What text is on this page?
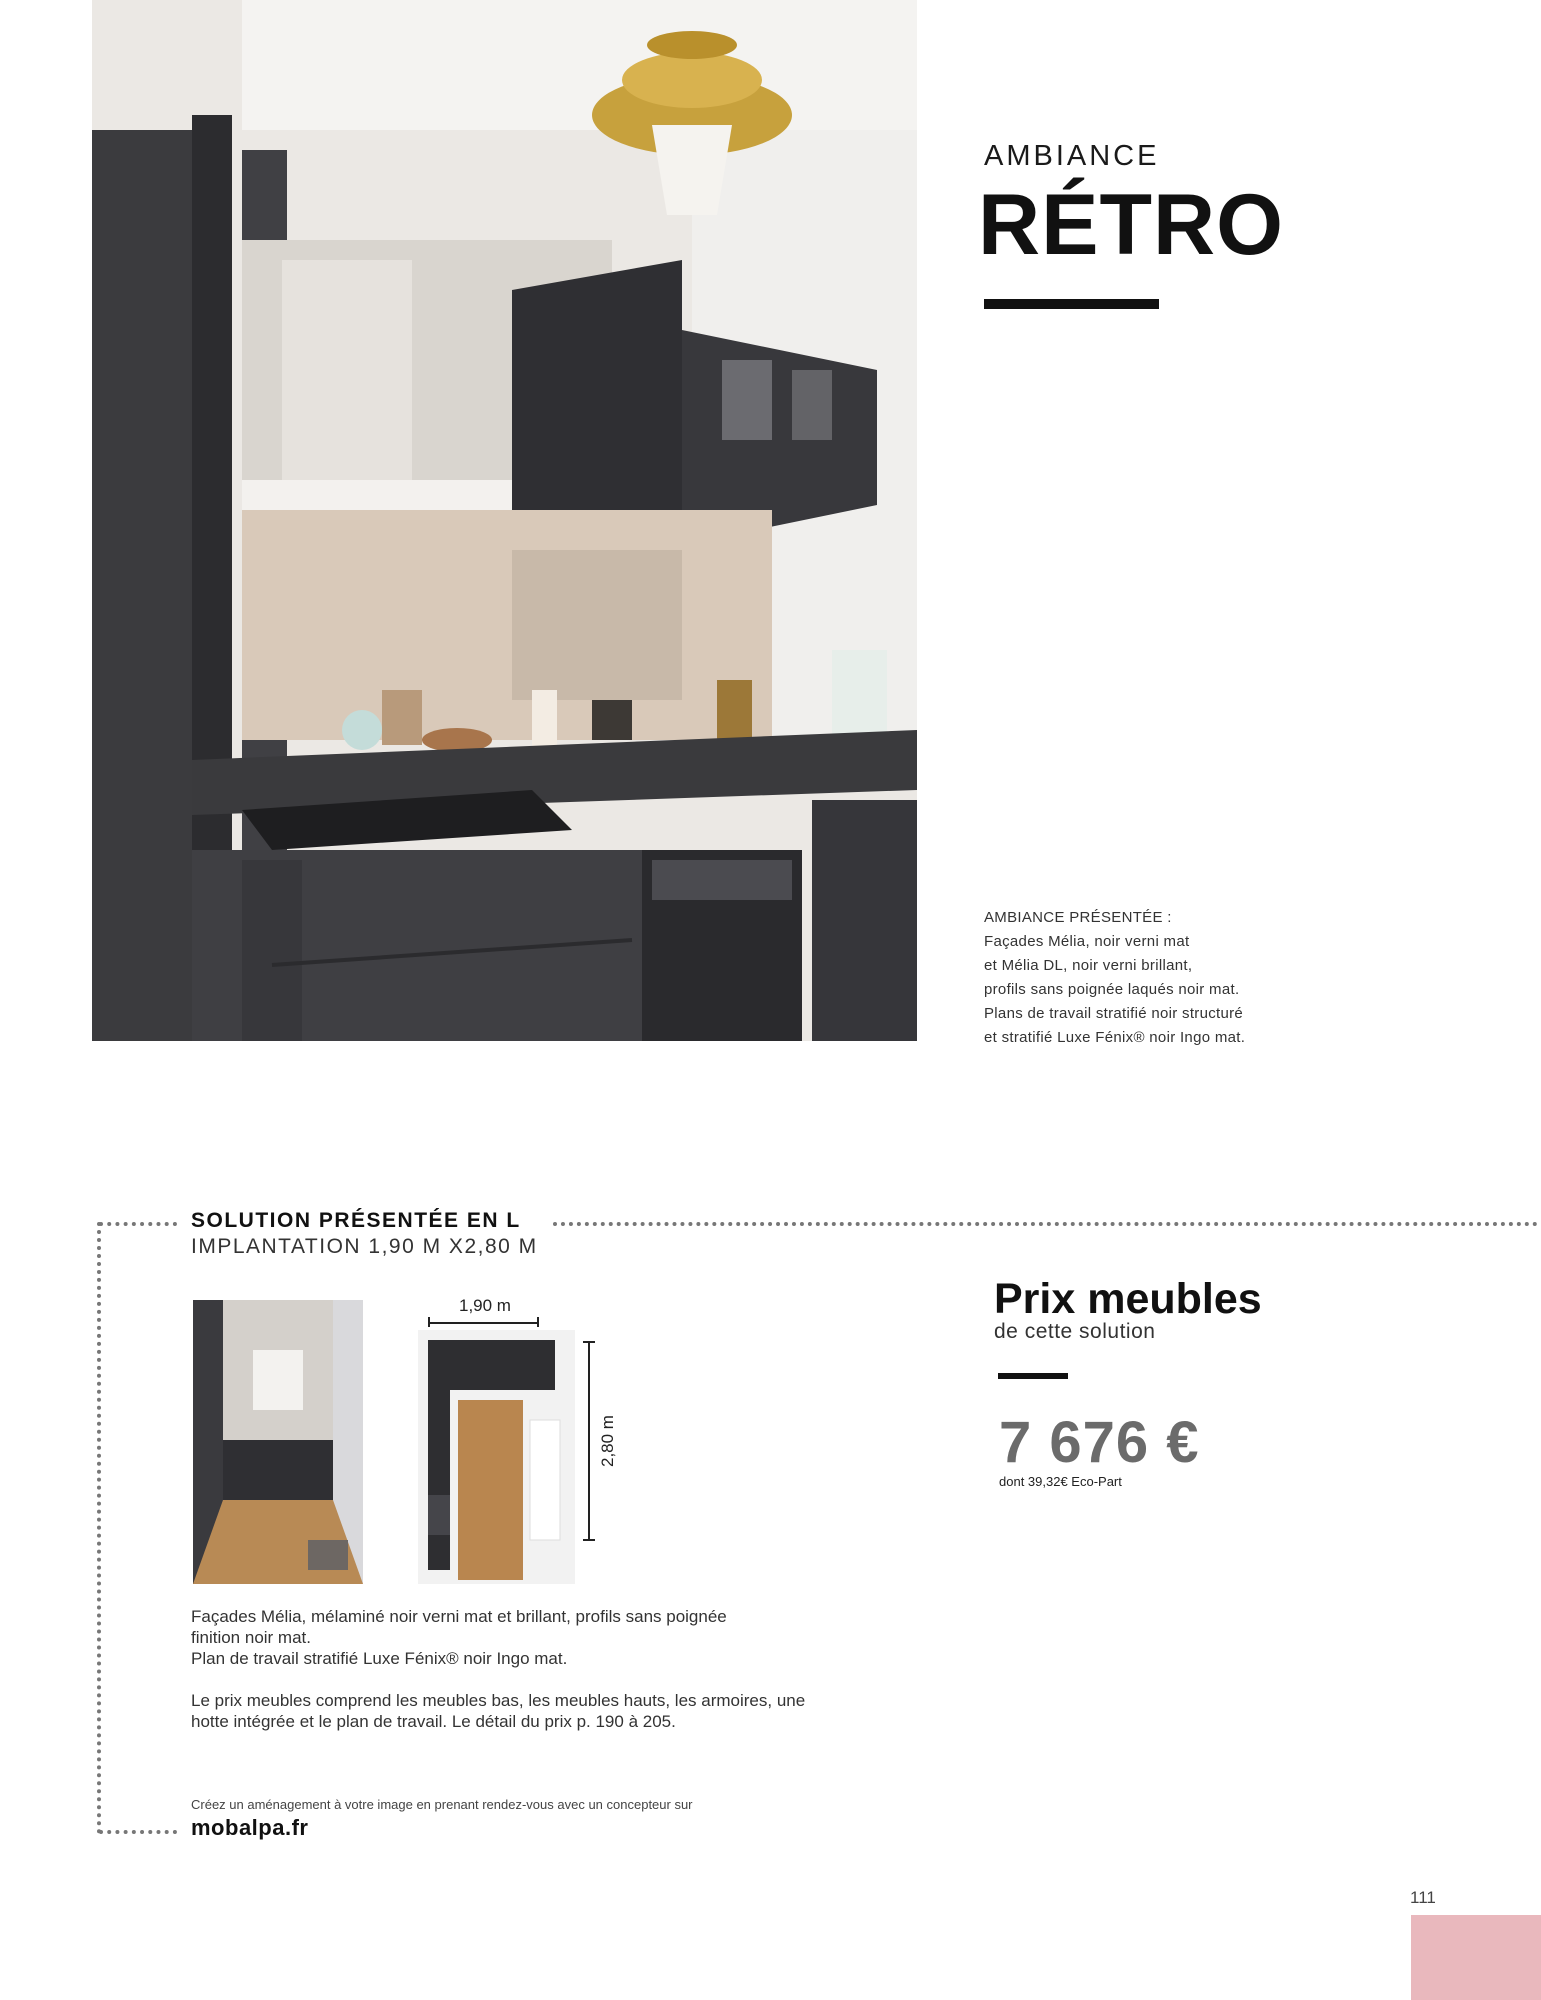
AMBIANCE
RÉTRO
AMBIANCE PRÉSENTÉE :
Façades Mélia, noir verni mat
et Mélia DL, noir verni brillant,
profils sans poignée laqués noir mat.
Plans de travail stratifié noir structuré
et stratifié Luxe Fénix® noir Ingo mat.
SOLUTION PRÉSENTÉE EN L
IMPLANTATION 1,90 M X2,80 M
1,90 m
2,80 m
Façades Mélia, mélaminé noir verni mat et brillant, profils sans poignée
finition noir mat.
Plan de travail stratifié Luxe Fénix® noir Ingo mat.
Le prix meubles comprend les meubles bas, les meubles hauts, les armoires, une
hotte intégrée et le plan de travail. Le détail du prix p. 190 à 205.
Créez un aménagement à votre image en prenant rendez-vous avec un concepteur sur
mobalpa.fr
Prix meubles
de cette solution
7 676 €
dont 39,32€ Eco-Part
111
